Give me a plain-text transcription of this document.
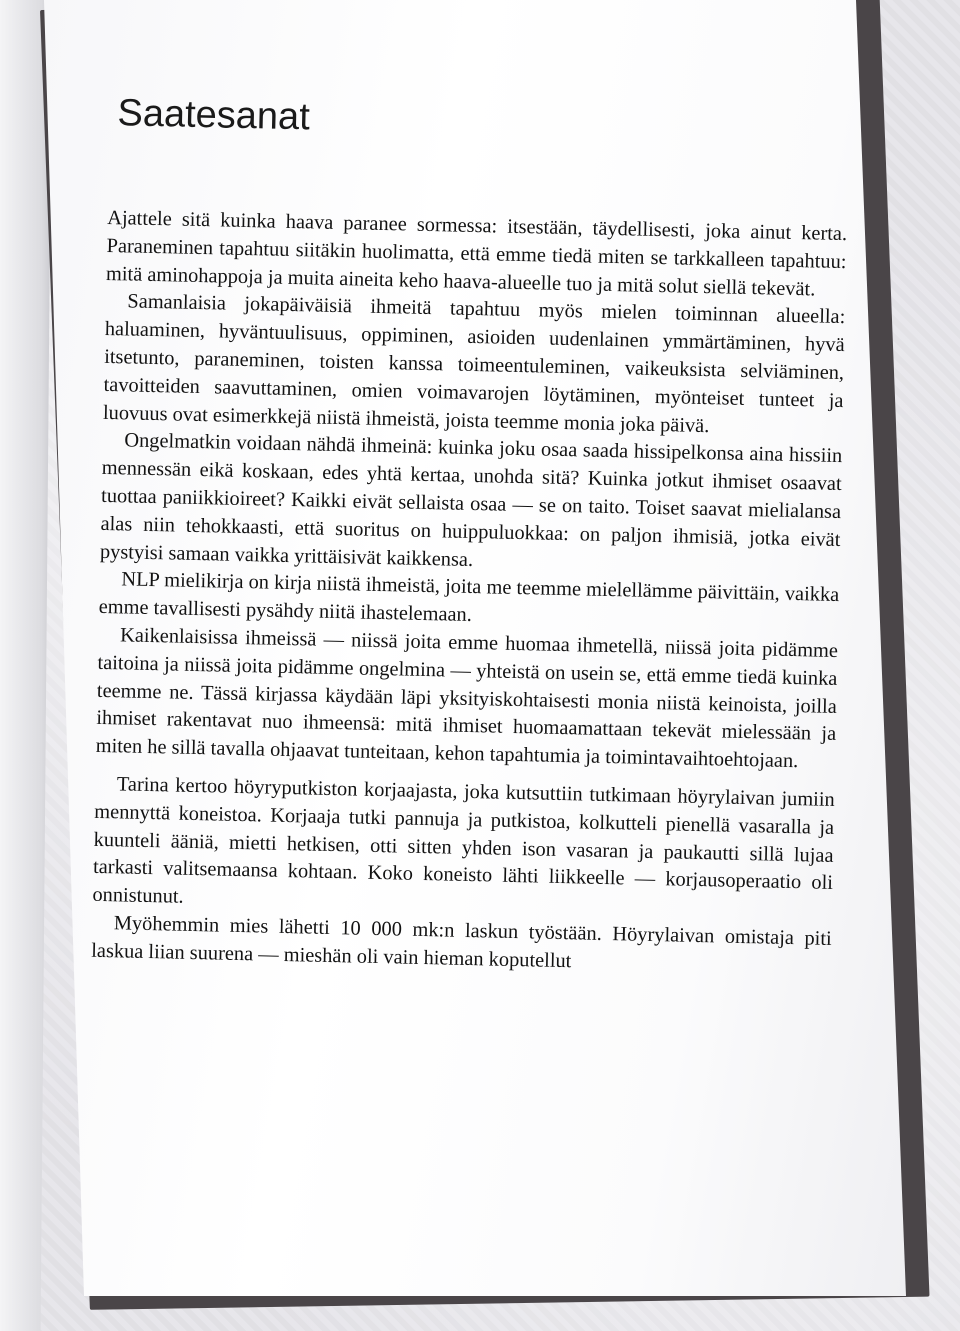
Saatesanat

Ajattele sitä kuinka haava paranee sormessa: itsestään, täydellisesti, joka ainut kerta. Paraneminen tapahtuu siitäkin huolimatta, että emme tiedä miten se tarkkalleen tapahtuu: mitä aminohappoja ja muita aineita keho haava-alueelle tuo ja mitä solut siellä tekevät.

Samanlaisia jokapäiväisiä ihmeitä tapahtuu myös mielen toiminnan alueella: haluaminen, hyväntuulisuus, oppiminen, asioiden uudenlainen ymmärtäminen, hyvä itsetunto, paraneminen, toisten kanssa toimeentuleminen, vaikeuksista selviäminen, tavoitteiden saavuttaminen, omien voimavarojen löytäminen, myönteiset tunteet ja luovuus ovat esimerkkejä niistä ihmeistä, joista teemme monia joka päivä.

Ongelmatkin voidaan nähdä ihmeinä: kuinka joku osaa saada hissipelkonsa aina hissiin mennessän eikä koskaan, edes yhtä kertaa, unohda sitä? Kuinka jotkut ihmiset osaavat tuottaa paniikkioireet? Kaikki eivät sellaista osaa — se on taito. Toiset saavat mielialansa alas niin tehokkaasti, että suoritus on huippuluokkaa: on paljon ihmisiä, jotka eivät pystyisi samaan vaikka yrittäisivät kaikkensa.

NLP mielikirja on kirja niistä ihmeistä, joita me teemme mielellämme päivittäin, vaikka emme tavallisesti pysähdy niitä ihastelemaan.

Kaikenlaisissa ihmeissä — niissä joita emme huomaa ihmetellä, niissä joita pidämme taitoina ja niissä joita pidämme ongelmina — yhteistä on usein se, että emme tiedä kuinka teemme ne. Tässä kirjassa käydään läpi yksityiskohtaisesti monia niistä keinoista, joilla ihmiset rakentavat nuo ihmeensä: mitä ihmiset huomaamattaan tekevät mielessään ja miten he sillä tavalla ohjaavat tunteitaan, kehon tapahtumia ja toimintavaihtoehtojaan.

Tarina kertoo höyryputkiston korjaajasta, joka kutsuttiin tutkimaan höyrylaivan jumiin mennyttä koneistoa. Korjaaja tutki pannuja ja putkistoa, kolkutteli pienellä vasaralla ja kuunteli ääniä, mietti hetkisen, otti sitten yhden ison vasaran ja paukautti sillä lujaa tarkasti valitsemaansa kohtaan. Koko koneisto lähti liikkeelle — korjausoperaatio oli onnistunut.

Myöhemmin mies lähetti 10 000 mk:n laskun työstään. Höyrylaivan omistaja piti laskua liian suurena — mieshän oli vain hieman koputellut
